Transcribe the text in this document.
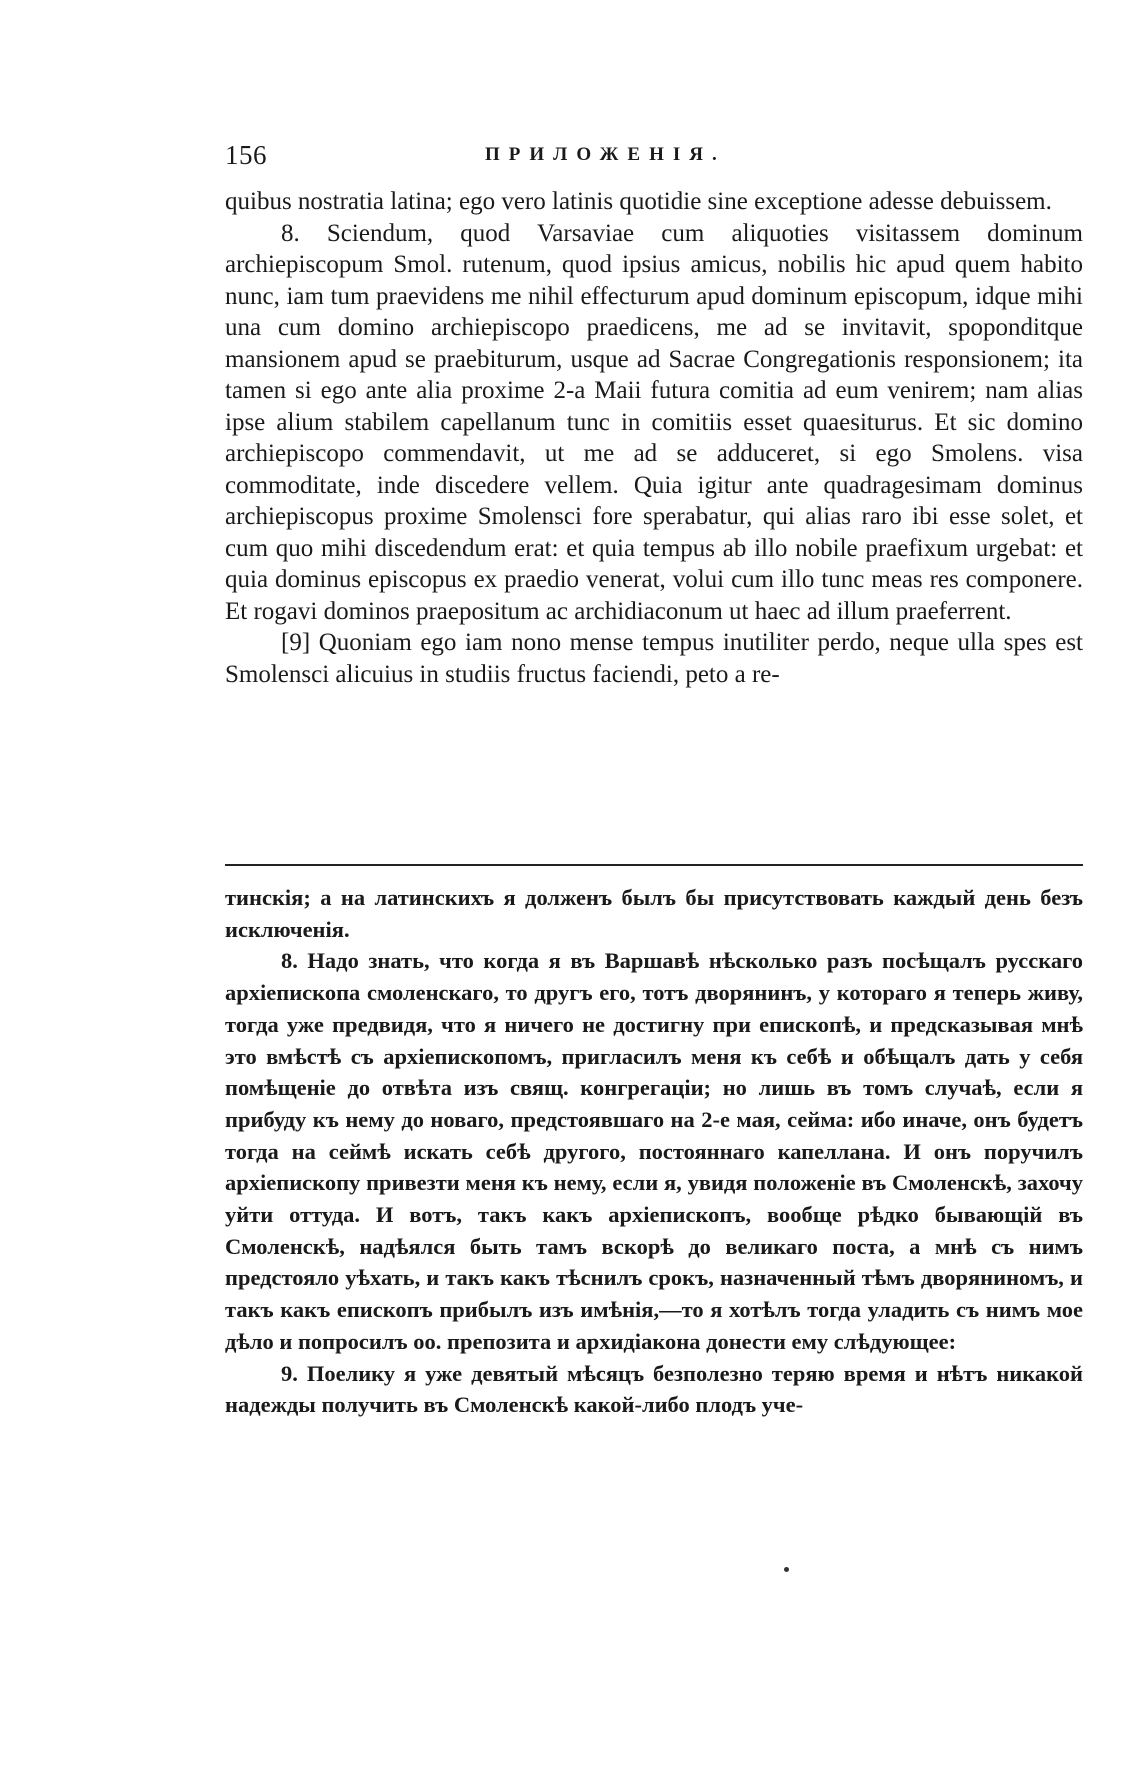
156	ПРИЛОЖЕНІЯ.

quibus nostratia latina; ego vero latinis quotidie sine exceptione adesse debuissem.

8. Sciendum, quod Varsaviae cum aliquoties visitassem dominum archiepiscopum Smol. rutenum, quod ipsius amicus, nobilis hic apud quem habito nunc, iam tum praevidens me nihil effecturum apud dominum episcopum, idque mihi una cum domino archiepiscopo praedicens, me ad se invitavit, spoponditque mansionem apud se praebiturum, usque ad Sacrae Congregationis responsionem; ita tamen si ego ante alia proxime 2-a Maii futura comitia ad eum venirem; nam alias ipse alium stabilem capellanum tunc in comitiis esset quaesiturus. Et sic domino archiepiscopo commendavit, ut me ad se adduceret, si ego Smolens. visa commoditate, inde discedere vellem. Quia igitur ante quadragesimam dominus archiepiscopus proxime Smolensci fore sperabatur, qui alias raro ibi esse solet, et cum quo mihi discedendum erat: et quia tempus ab illo nobile praefixum urgebat: et quia dominus episcopus ex praedio venerat, volui cum illo tunc meas res componere. Et rogavi dominos praepositum ac archidiaconum ut haec ad illum praeferrent.

[9] Quoniam ego iam nono mense tempus inutiliter perdo, neque ulla spes est Smolensci alicuius in studiis fructus faciendi, peto a re-

тинскія; а на латинскихъ я долженъ былъ бы присутствовать каждый день безъ исключенія.

8. Надо знать, что когда я въ Варшавѣ нѣсколько разъ посѣщалъ русскаго архіепископа смоленскаго, то другъ его, тотъ дворянинъ, у котораго я теперь живу, тогда уже предвидя, что я ничего не достигну при епископѣ, и предсказывая мнѣ это вмѣстѣ съ архіепископомъ, пригласилъ меня къ себѣ и обѣщалъ дать у себя помѣщеніе до отвѣта изъ свящ. конгрегаціи; но лишь въ томъ случаѣ, если я прибуду къ нему до новаго, предстоявшаго на 2-е мая, сейма: ибо иначе, онъ будетъ тогда на сеймѣ искать себѣ другого, постояннаго капеллана. И онъ поручилъ архіепископу привезти меня къ нему, если я, увидя положеніе въ Смоленскѣ, захочу уйти оттуда. И вотъ, такъ какъ архіепископъ, вообще рѣдко бывающій въ Смоленскѣ, надѣялся быть тамъ вскорѣ до великаго поста, а мнѣ съ нимъ предстояло уѣхать, и такъ какъ тѣснилъ срокъ, назначенный тѣмъ дворяниномъ, и такъ какъ епископъ прибылъ изъ имѣнія,—то я хотѣлъ тогда уладить съ нимъ мое дѣло и попросилъ оо. препозита и архидіакона донести ему слѣдующее:

9. Поелику я уже девятый мѣсяцъ безполезно теряю время и нѣтъ никакой надежды получить въ Смоленскѣ какой-либо плодъ уче-
